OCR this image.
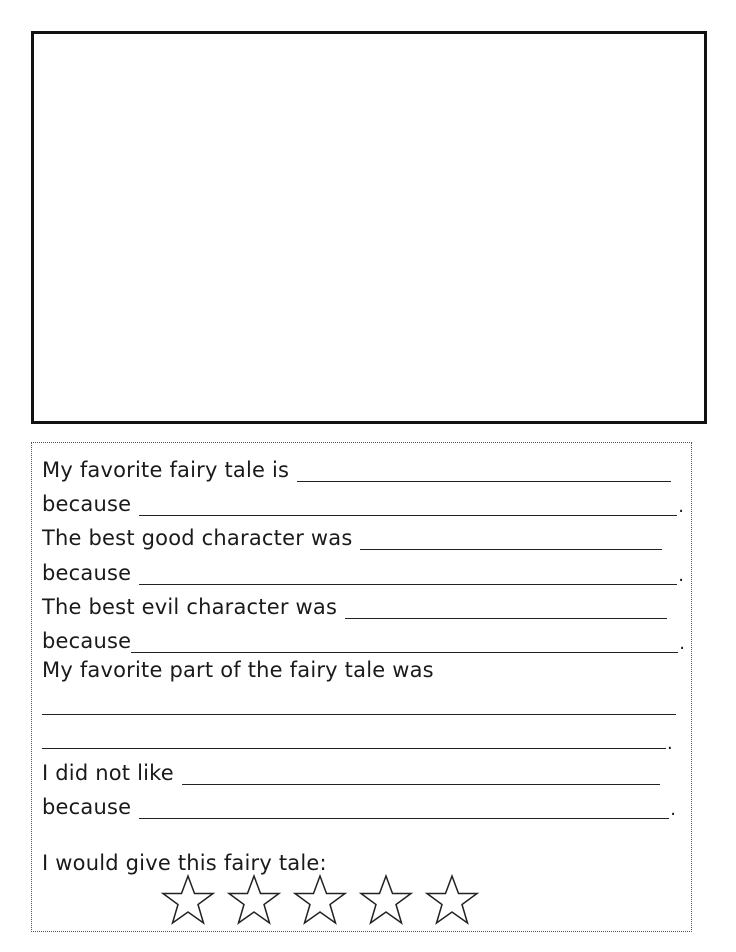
My favorite fairy tale is
because	.
The best good character was
because	.
The best evil character was
because	.
My favorite part of the fairy tale was
.
I did not like
because	.
I would give this fairy tale:
